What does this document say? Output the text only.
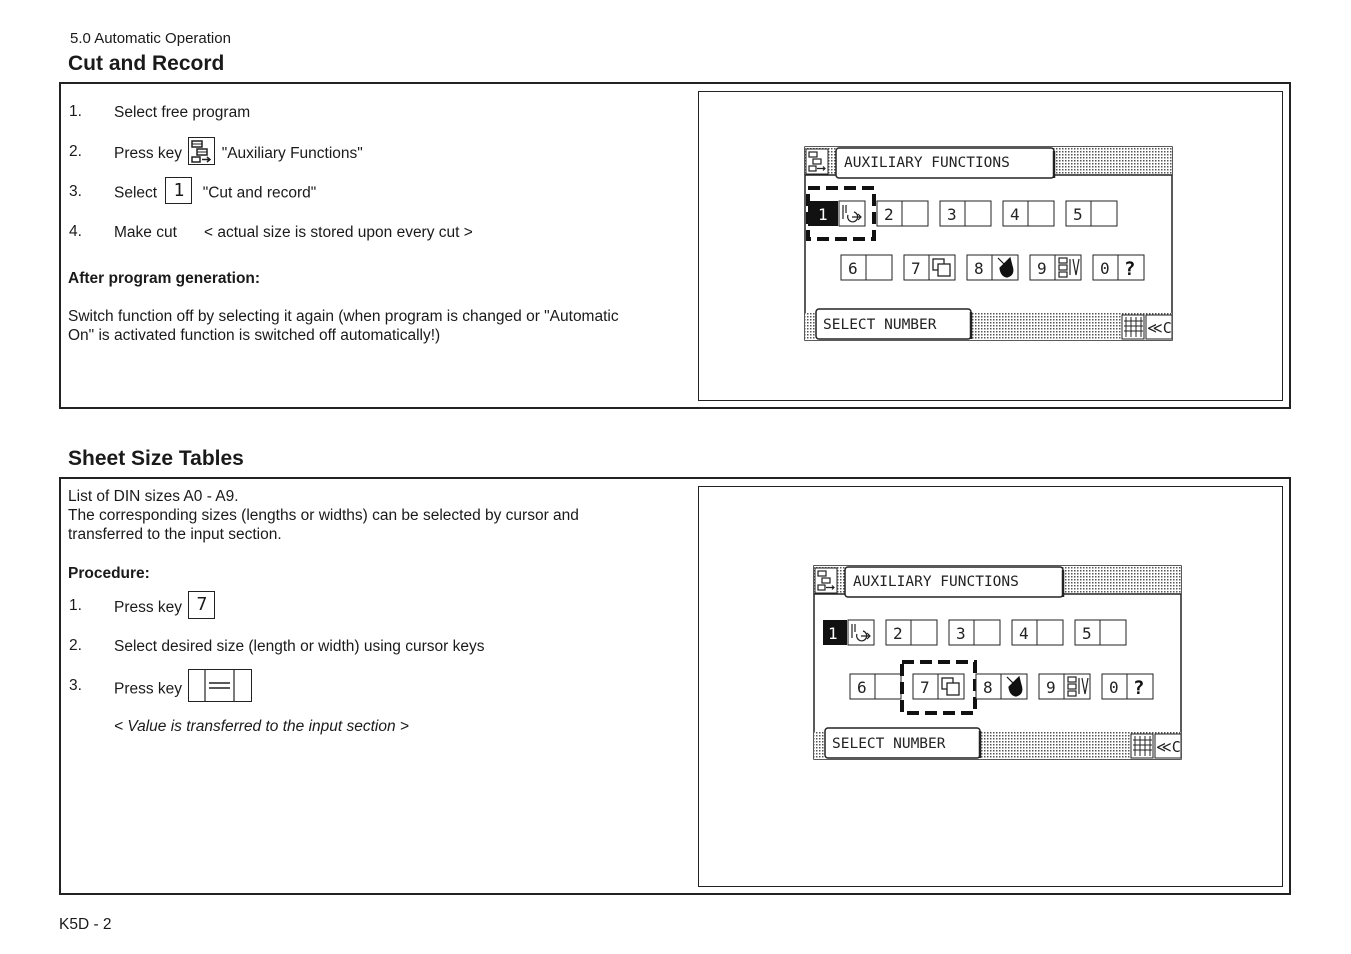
5.0 Automatic Operation
Cut and Record
1. Select free program
2. Press key	"Auxiliary Functions"
3. Select 1 "Cut and record"
4. Make cut < actual size is stored upon every cut >
After program generation:
Switch function off by selecting it again (when program is changed or "Automatic On" is activated function is switched off automatically!)
AUXILIARY FUNCTIONS
SELECT NUMBER	≪C
1	2	3	4	5
6	7	8	9	0 ?
Sheet Size Tables
List of DIN sizes A0 - A9.
The corresponding sizes (lengths or widths) can be selected by cursor and transferred to the input section.
Procedure:
1. Press key 7
2. Select desired size (length or width) using cursor keys
3. Press key
< Value is transferred to the input section >
AUXILIARY FUNCTIONS
SELECT NUMBER	≪C
1	2	3	4	5
6	7	8	9	0 ?
K5D - 2
